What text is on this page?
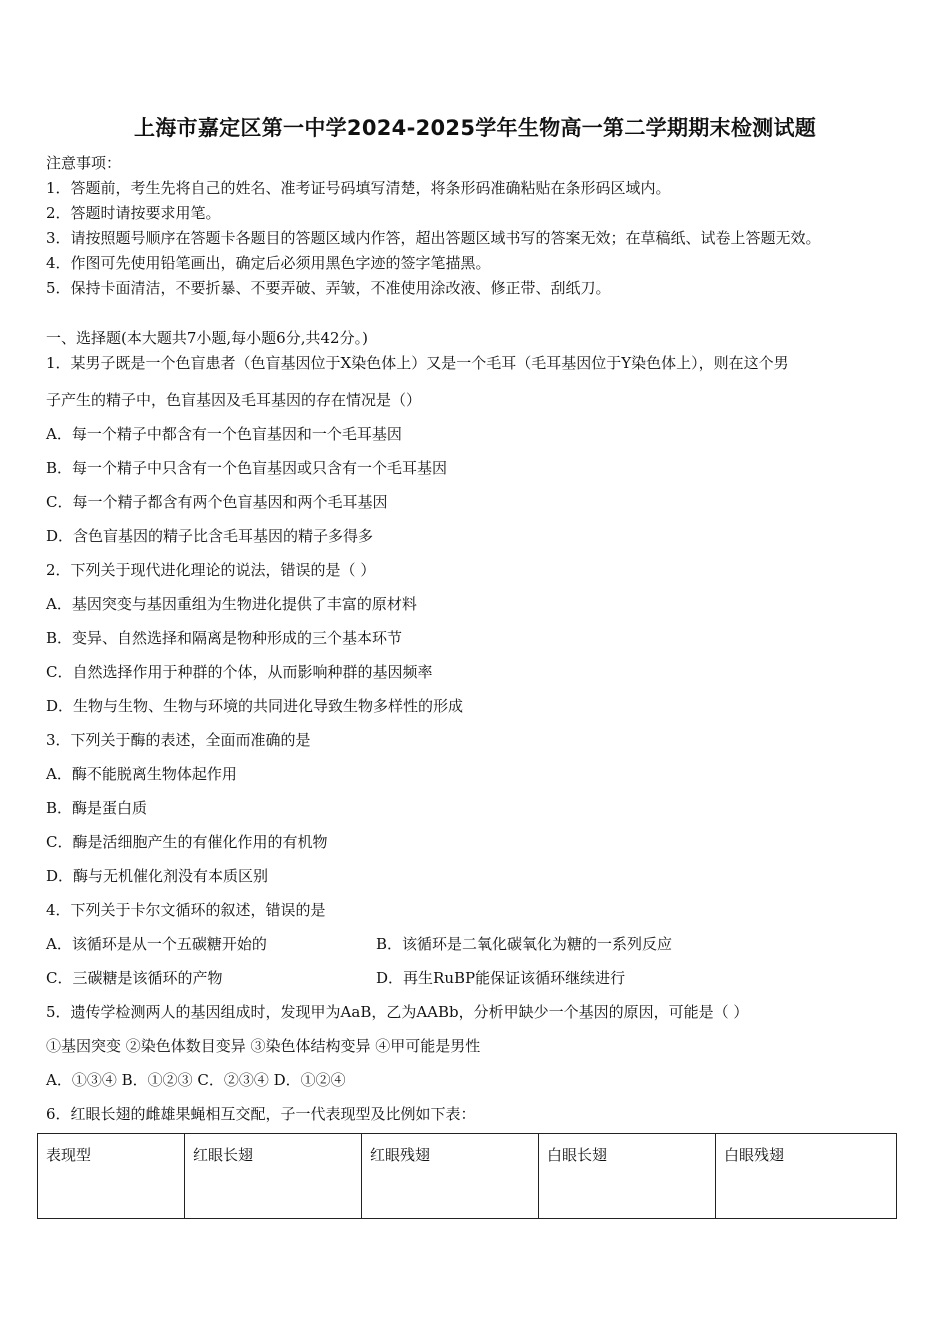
上海市嘉定区第一中学2024-2025学年生物高一第二学期期末检测试题
注意事项：
1．答题前，考生先将自己的姓名、准考证号码填写清楚，将条形码准确粘贴在条形码区域内。
2．答题时请按要求用笔。
3．请按照题号顺序在答题卡各题目的答题区域内作答，超出答题区域书写的答案无效；在草稿纸、试卷上答题无效。
4．作图可先使用铅笔画出，确定后必须用黑色字迹的签字笔描黑。
5．保持卡面清洁，不要折暴、不要弄破、弄皱，不准使用涂改液、修正带、刮纸刀。
一、选择题(本大题共7小题,每小题6分,共42分。)
1．某男子既是一个色盲患者（色盲基因位于X染色体上）又是一个毛耳（毛耳基因位于Y染色体上），则在这个男
子产生的精子中，色盲基因及毛耳基因的存在情况是（）
A．每一个精子中都含有一个色盲基因和一个毛耳基因
B．每一个精子中只含有一个色盲基因或只含有一个毛耳基因
C．每一个精子都含有两个色盲基因和两个毛耳基因
D．含色盲基因的精子比含毛耳基因的精子多得多
2．下列关于现代进化理论的说法，错误的是（ ）
A．基因突变与基因重组为生物进化提供了丰富的原材料
B．变异、自然选择和隔离是物种形成的三个基本环节
C．自然选择作用于种群的个体，从而影响种群的基因频率
D．生物与生物、生物与环境的共同进化导致生物多样性的形成
3．下列关于酶的表述，全面而准确的是
A．酶不能脱离生物体起作用
B．酶是蛋白质
C．酶是活细胞产生的有催化作用的有机物
D．酶与无机催化剂没有本质区别
4．下列关于卡尔文循环的叙述，错误的是
A．该循环是从一个五碳糖开始的	B．该循环是二氧化碳氧化为糖的一系列反应
C．三碳糖是该循环的产物	D．再生RuBP能保证该循环继续进行
5．遗传学检测两人的基因组成时，发现甲为AaB，乙为AABb，分析甲缺少一个基因的原因，可能是（ ）
①基因突变 ②染色体数目变异 ③染色体结构变异 ④甲可能是男性
A．①③④ B．①②③ C．②③④ D．①②④
6．红眼长翅的雌雄果蝇相互交配，子一代表现型及比例如下表：
表现型	红眼长翅	红眼残翅	白眼长翅	白眼残翅
